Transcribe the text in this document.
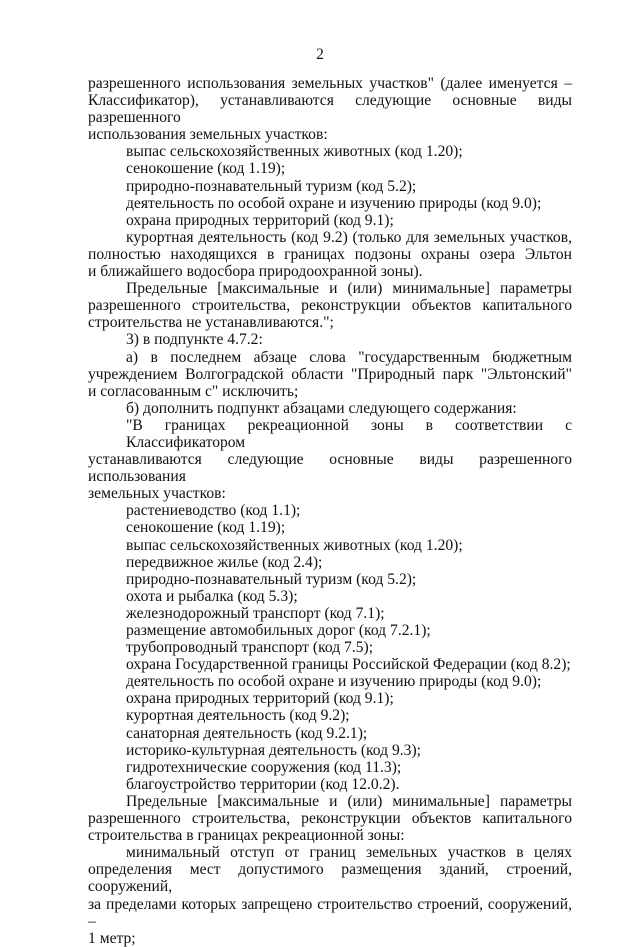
2
разрешенного использования земельных участков" (далее именуется –
Классификатор), устанавливаются следующие основные виды разрешенного
использования земельных участков:
выпас сельскохозяйственных животных (код 1.20);
сенокошение (код 1.19);
природно-познавательный туризм (код 5.2);
деятельность по особой охране и изучению природы (код 9.0);
охрана природных территорий (код 9.1);
курортная деятельность (код 9.2) (только для земельных участков,
полностью находящихся в границах подзоны охраны озера Эльтон
и ближайшего водосбора природоохранной зоны).
Предельные [максимальные и (или) минимальные] параметры
разрешенного строительства, реконструкции объектов капитального
строительства не устанавливаются.";
3) в подпункте 4.7.2:
а) в последнем абзаце слова "государственным бюджетным
учреждением Волгоградской области "Природный парк "Эльтонский"
и согласованным с" исключить;
б) дополнить подпункт абзацами следующего содержания:
"В границах рекреационной зоны в соответствии с Классификатором
устанавливаются следующие основные виды разрешенного использования
земельных участков:
растениеводство (код 1.1);
сенокошение (код 1.19);
выпас сельскохозяйственных животных (код 1.20);
передвижное жилье (код 2.4);
природно-познавательный туризм (код 5.2);
охота и рыбалка (код 5.3);
железнодорожный транспорт (код 7.1);
размещение автомобильных дорог (код 7.2.1);
трубопроводный транспорт (код 7.5);
охрана Государственной границы Российской Федерации (код 8.2);
деятельность по особой охране и изучению природы (код 9.0);
охрана природных территорий (код 9.1);
курортная деятельность (код 9.2);
санаторная деятельность (код 9.2.1);
историко-культурная деятельность (код 9.3);
гидротехнические сооружения (код 11.3);
благоустройство территории (код 12.0.2).
Предельные [максимальные и (или) минимальные] параметры
разрешенного строительства, реконструкции объектов капитального
строительства в границах рекреационной зоны:
минимальный отступ от границ земельных участков в целях
определения мест допустимого размещения зданий, строений, сооружений,
за пределами которых запрещено строительство строений, сооружений, –
1 метр;
